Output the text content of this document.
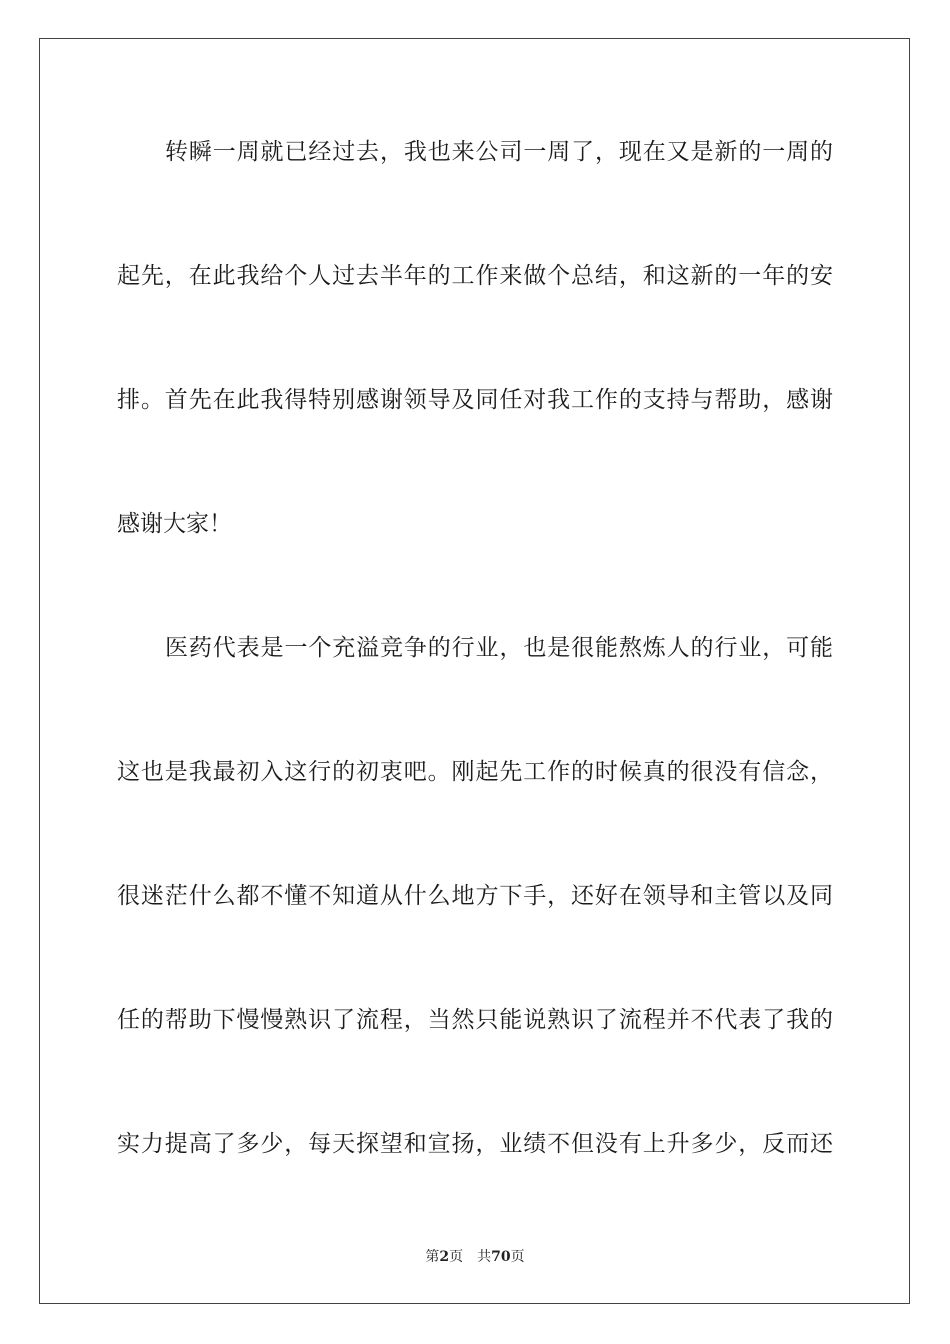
转瞬一周就已经过去，我也来公司一周了，现在又是新的一周的
起先，在此我给个人过去半年的工作来做个总结，和这新的一年的安
排。首先在此我得特别感谢领导及同任对我工作的支持与帮助，感谢
感谢大家！
医药代表是一个充溢竞争的行业，也是很能熬炼人的行业，可能
这也是我最初入这行的初衷吧。刚起先工作的时候真的很没有信念，
很迷茫什么都不懂不知道从什么地方下手，还好在领导和主管以及同
任的帮助下慢慢熟识了流程，当然只能说熟识了流程并不代表了我的
实力提高了多少，每天探望和宣扬，业绩不但没有上升多少，反而还
第2页 共70页
